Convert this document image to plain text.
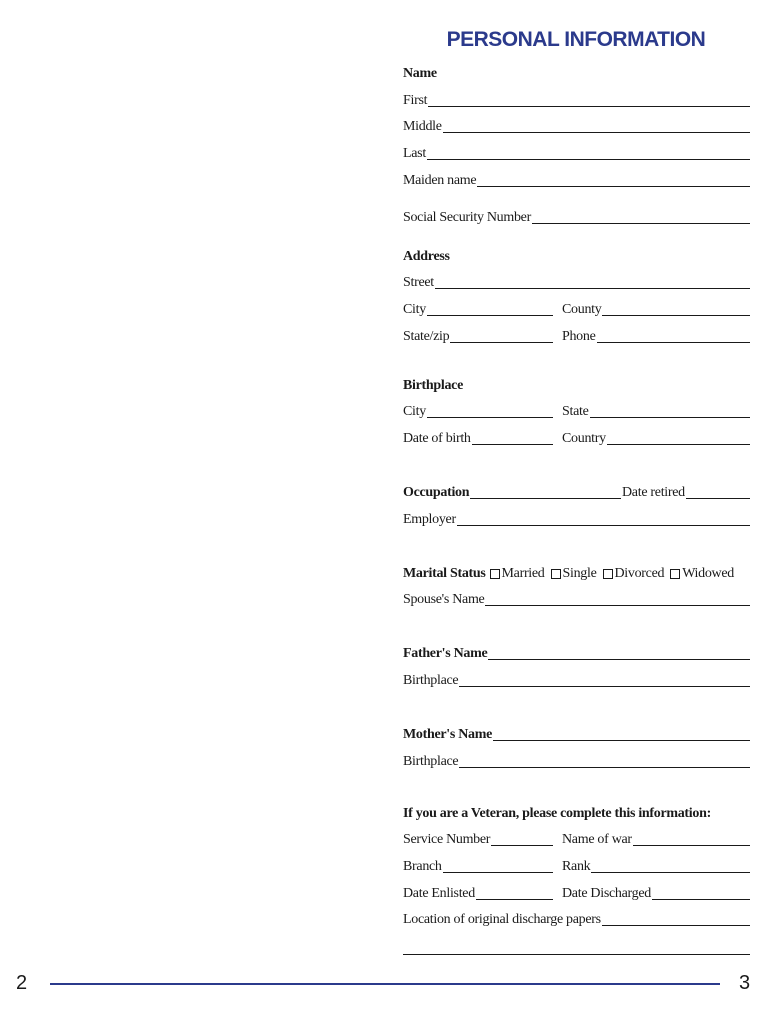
PERSONAL INFORMATION
Name
First
Middle
Last
Maiden name
Social Security Number
Address
Street
City	County
State/zip	Phone
Birthplace
City	State
Date of birth	Country
Occupation	Date retired
Employer
Marital Status Married Single Divorced Widowed
Spouse's Name
Father's Name
Birthplace
Mother's Name
Birthplace
If you are a Veteran, please complete this information:
Service Number	Name of war
Branch	Rank
Date Enlisted	Date Discharged
Location of original discharge papers
2	3
